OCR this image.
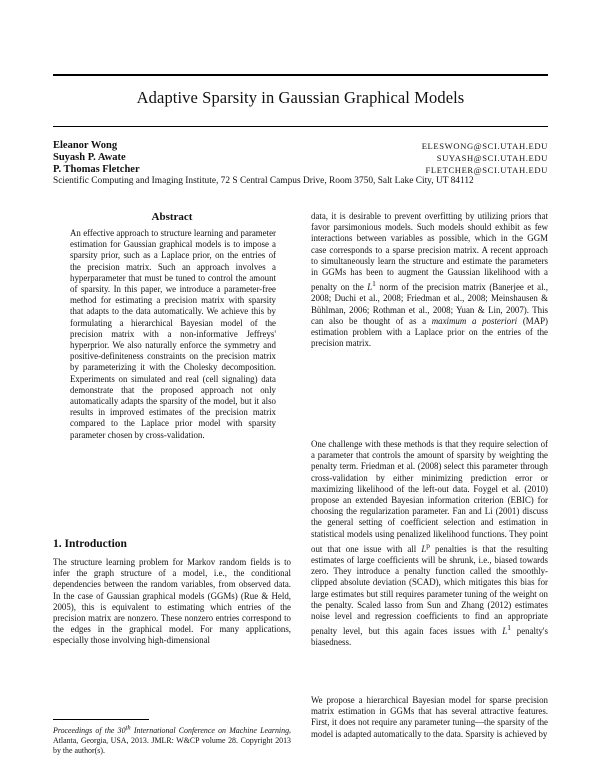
Adaptive Sparsity in Gaussian Graphical Models
Eleanor Wong	ELESWONG@SCI.UTAH.EDU
Suyash P. Awate	SUYASH@SCI.UTAH.EDU
P. Thomas Fletcher	FLETCHER@SCI.UTAH.EDU
Scientific Computing and Imaging Institute, 72 S Central Campus Drive, Room 3750, Salt Lake City, UT 84112
Abstract

An effective approach to structure learning and parameter estimation for Gaussian graphical models is to impose a sparsity prior, such as a Laplace prior, on the entries of the precision matrix. Such an approach involves a hyperparameter that must be tuned to control the amount of sparsity. In this paper, we introduce a parameter-free method for estimating a precision matrix with sparsity that adapts to the data automatically. We achieve this by formulating a hierarchical Bayesian model of the precision matrix with a non-informative Jeffreys' hyperprior. We also naturally enforce the symmetry and positive-definiteness constraints on the precision matrix by parameterizing it with the Cholesky decomposition. Experiments on simulated and real (cell signaling) data demonstrate that the proposed approach not only automatically adapts the sparsity of the model, but it also results in improved estimates of the precision matrix compared to the Laplace prior model with sparsity parameter chosen by cross-validation.

1. Introduction

The structure learning problem for Markov random fields is to infer the graph structure of a model, i.e., the conditional dependencies between the random variables, from observed data. In the case of Gaussian graphical models (GGMs) (Rue & Held, 2005), this is equivalent to estimating which entries of the precision matrix are nonzero. These nonzero entries correspond to the edges in the graphical model. For many applications, especially those involving high-dimensional

Proceedings of the 30th International Conference on Machine Learning, Atlanta, Georgia, USA, 2013. JMLR: W&CP volume 28. Copyright 2013 by the author(s).

data, it is desirable to prevent overfitting by utilizing priors that favor parsimonious models. Such models should exhibit as few interactions between variables as possible, which in the GGM case corresponds to a sparse precision matrix. A recent approach to simultaneously learn the structure and estimate the parameters in GGMs has been to augment the Gaussian likelihood with a penalty on the $L^1$ norm of the precision matrix (Banerjee et al., 2008; Duchi et al., 2008; Friedman et al., 2008; Meinshausen & Bühlman, 2006; Rothman et al., 2008; Yuan & Lin, 2007). This can also be thought of as a maximum a posteriori (MAP) estimation problem with a Laplace prior on the entries of the precision matrix.

One challenge with these methods is that they require selection of a parameter that controls the amount of sparsity by weighting the penalty term. Friedman et al. (2008) select this parameter through cross-validation by either minimizing prediction error or maximizing likelihood of the left-out data. Foygel et al. (2010) propose an extended Bayesian information criterion (EBIC) for choosing the regularization parameter. Fan and Li (2001) discuss the general setting of coefficient selection and estimation in statistical models using penalized likelihood functions. They point out that one issue with all $L^p$ penalties is that the resulting estimates of large coefficients will be shrunk, i.e., biased towards zero. They introduce a penalty function called the smoothly-clipped absolute deviation (SCAD), which mitigates this bias for large estimates but still requires parameter tuning of the weight on the penalty. Scaled lasso from Sun and Zhang (2012) estimates noise level and regression coefficients to find an appropriate penalty level, but this again faces issues with $L^1$ penalty's biasedness.

We propose a hierarchical Bayesian model for sparse precision matrix estimation in GGMs that has several attractive features. First, it does not require any parameter tuning—the sparsity of the model is adapted automatically to the data. Sparsity is achieved by
